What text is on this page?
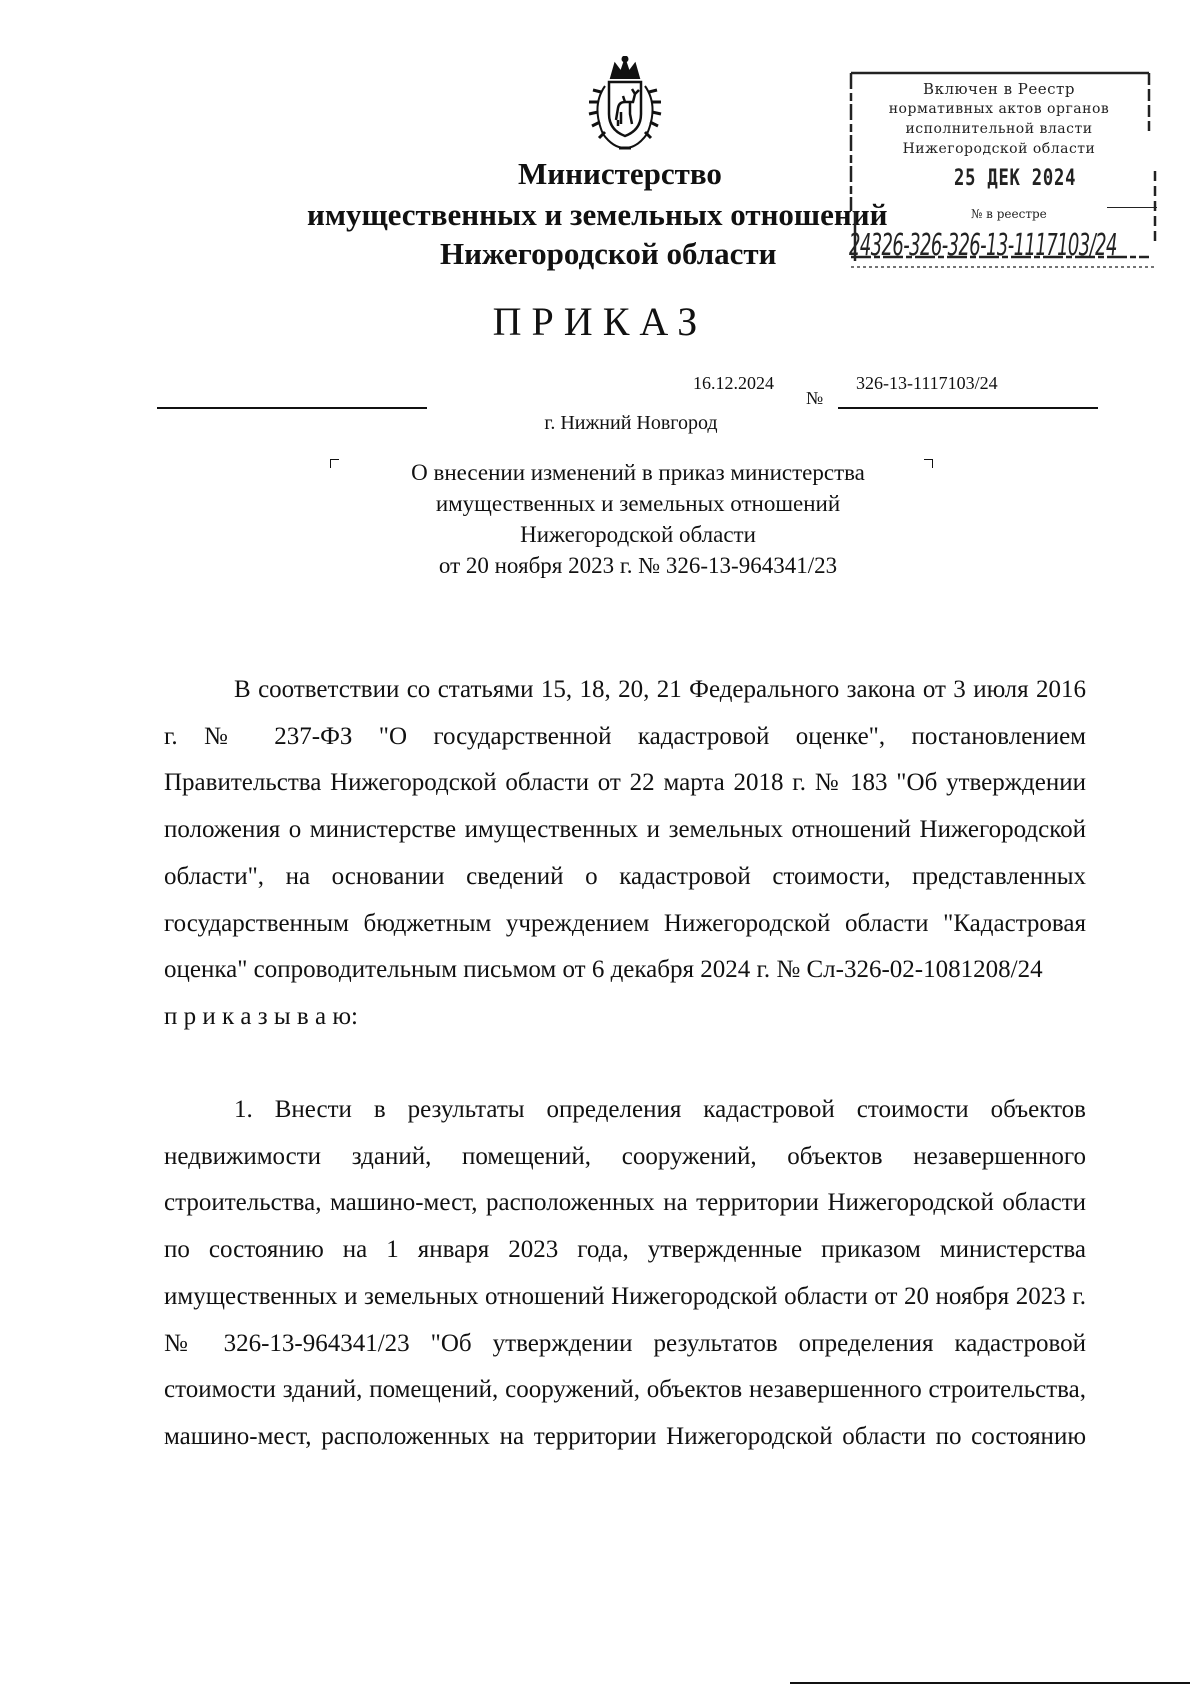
Министерство
имущественных и земельных отношений
Нижегородской области
ПРИКАЗ
Включен в Реестр
нормативных актов органов
исполнительной власти
Нижегородской области
25 ДЕК 2024
№ в реестре
24326-326-326-13-1117103/24
16.12.2024
№
326-13-1117103/24
г. Нижний Новгород
О внесении изменений в приказ министерства
имущественных и земельных отношений
Нижегородской области
от 20 ноября 2023 г. № 326-13-964341/23

В соответствии со статьями 15, 18, 20, 21 Федерального закона от 3 июля 2016 г. № 237-ФЗ "О государственной кадастровой оценке", постановлением Правительства Нижегородской области от 22 марта 2018 г. № 183 "Об утверждении положения о министерстве имущественных и земельных отношений Нижегородской области", на основании сведений о кадастровой стоимости, представленных государственным бюджетным учреждением Нижегородской области "Кадастровая оценка" сопроводительным письмом от 6 декабря 2024 г. № Сл-326-02-1081208/24

п р и к а з ы в а ю:

1. Внести в результаты определения кадастровой стоимости объектов недвижимости зданий, помещений, сооружений, объектов незавершенного строительства, машино-мест, расположенных на территории Нижегородской области по состоянию на 1 января 2023 года, утвержденные приказом министерства имущественных и земельных отношений Нижегородской области от 20 ноября 2023 г. № 326-13-964341/23 "Об утверждении результатов определения кадастровой стоимости зданий, помещений, сооружений, объектов незавершенного строительства, машино-мест, расположенных на территории Нижегородской области по состоянию
